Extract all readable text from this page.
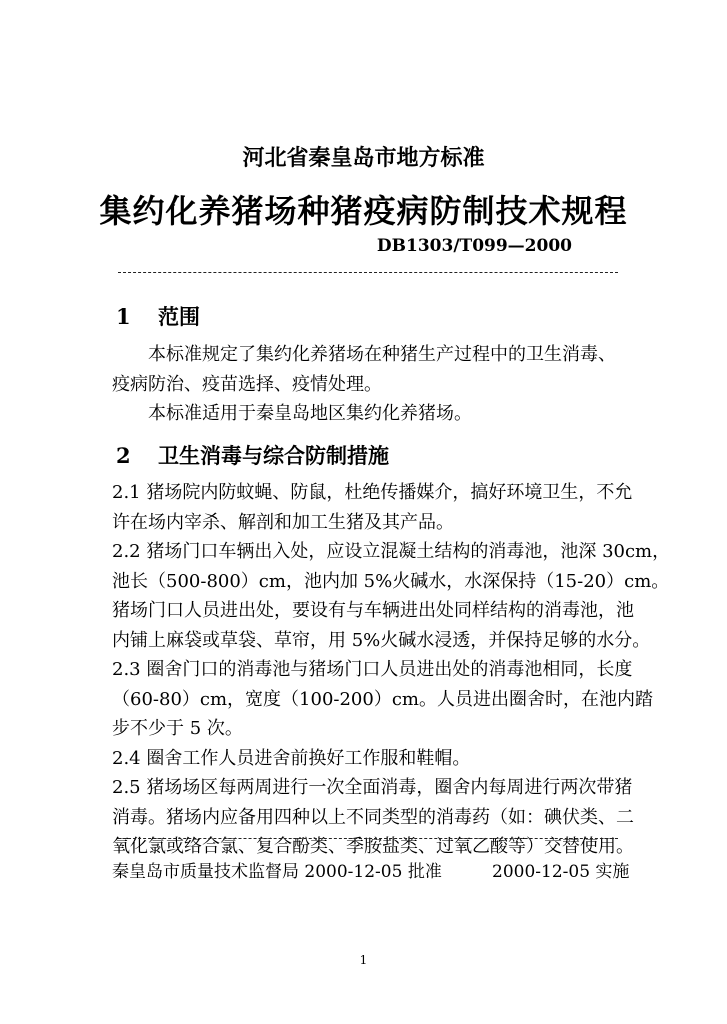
河北省秦皇岛市地方标准
集约化养猪场种猪疫病防制技术规程
DB1303/T099—2000
1 范围
　　本标准规定了集约化养猪场在种猪生产过程中的卫生消毒、
疫病防治、疫苗选择、疫情处理。
　　本标准适用于秦皇岛地区集约化养猪场。
2 卫生消毒与综合防制措施
2.1 猪场院内防蚊蝇、防鼠，杜绝传播媒介，搞好环境卫生，不允
许在场内宰杀、解剖和加工生猪及其产品。
2.2 猪场门口车辆出入处，应设立混凝土结构的消毒池，池深 30cm，
池长（500-800）cm，池内加 5%火碱水，水深保持（15-20）cm。
猪场门口人员进出处，要设有与车辆进出处同样结构的消毒池，池
内铺上麻袋或草袋、草帘，用 5%火碱水浸透，并保持足够的水分。
2.3 圈舍门口的消毒池与猪场门口人员进出处的消毒池相同，长度
（60-80）cm，宽度（100-200）cm。人员进出圈舍时，在池内踏
步不少于 5 次。
2.4 圈舍工作人员进舍前换好工作服和鞋帽。
2.5 猪场场区每两周进行一次全面消毒，圈舍内每周进行两次带猪
消毒。猪场内应备用四种以上不同类型的消毒药（如：碘伏类、二
氧化氯或络合氯、复合酚类、季胺盐类、过氧乙酸等）交替使用。
秦皇岛市质量技术监督局 2000-12-05 批准	2000-12-05 实施
1
